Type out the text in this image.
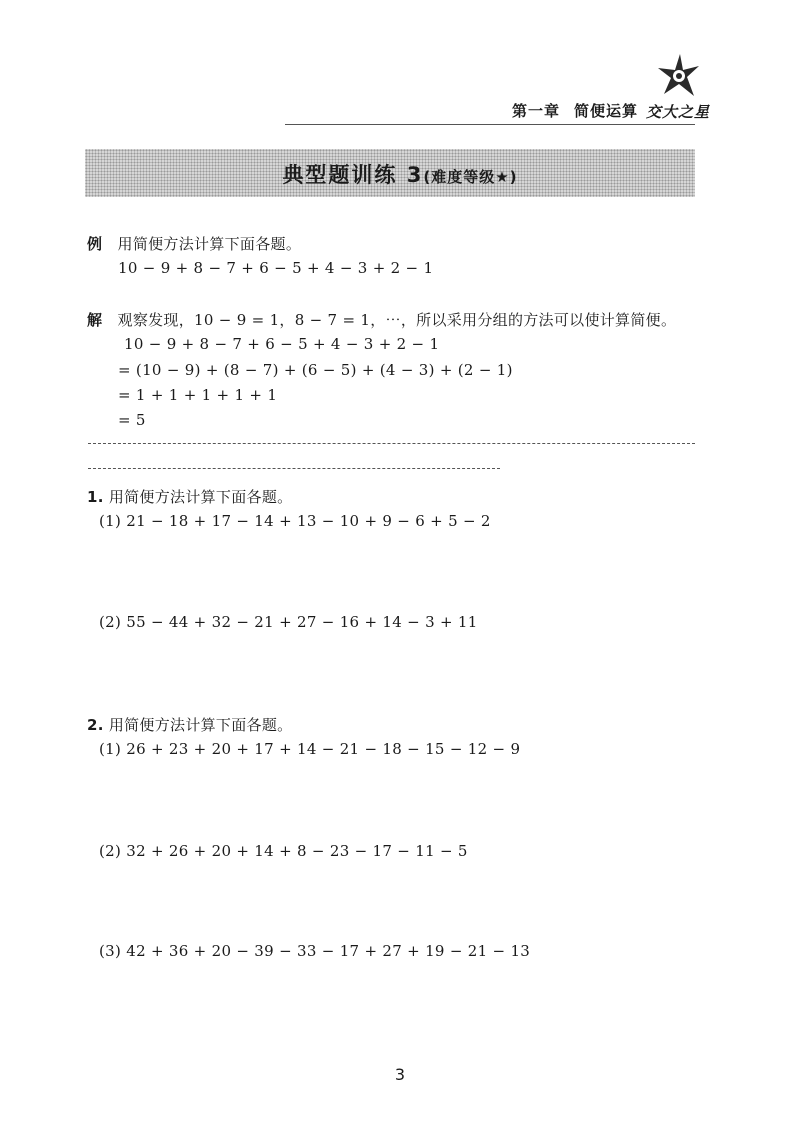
第一章 简便运算 交大之星
典型题训练 3(难度等级★)
例 用简便方法计算下面各题。
10 − 9 + 8 − 7 + 6 − 5 + 4 − 3 + 2 − 1
解 观察发现，10 − 9 = 1，8 − 7 = 1，⋯，所以采用分组的方法可以使计算简便。
10 − 9 + 8 − 7 + 6 − 5 + 4 − 3 + 2 − 1
= (10 − 9) + (8 − 7) + (6 − 5) + (4 − 3) + (2 − 1)
= 1 + 1 + 1 + 1 + 1
= 5
1. 用简便方法计算下面各题。
(1) 21 − 18 + 17 − 14 + 13 − 10 + 9 − 6 + 5 − 2
(2) 55 − 44 + 32 − 21 + 27 − 16 + 14 − 3 + 11
2. 用简便方法计算下面各题。
(1) 26 + 23 + 20 + 17 + 14 − 21 − 18 − 15 − 12 − 9
(2) 32 + 26 + 20 + 14 + 8 − 23 − 17 − 11 − 5
(3) 42 + 36 + 20 − 39 − 33 − 17 + 27 + 19 − 21 − 13
3
